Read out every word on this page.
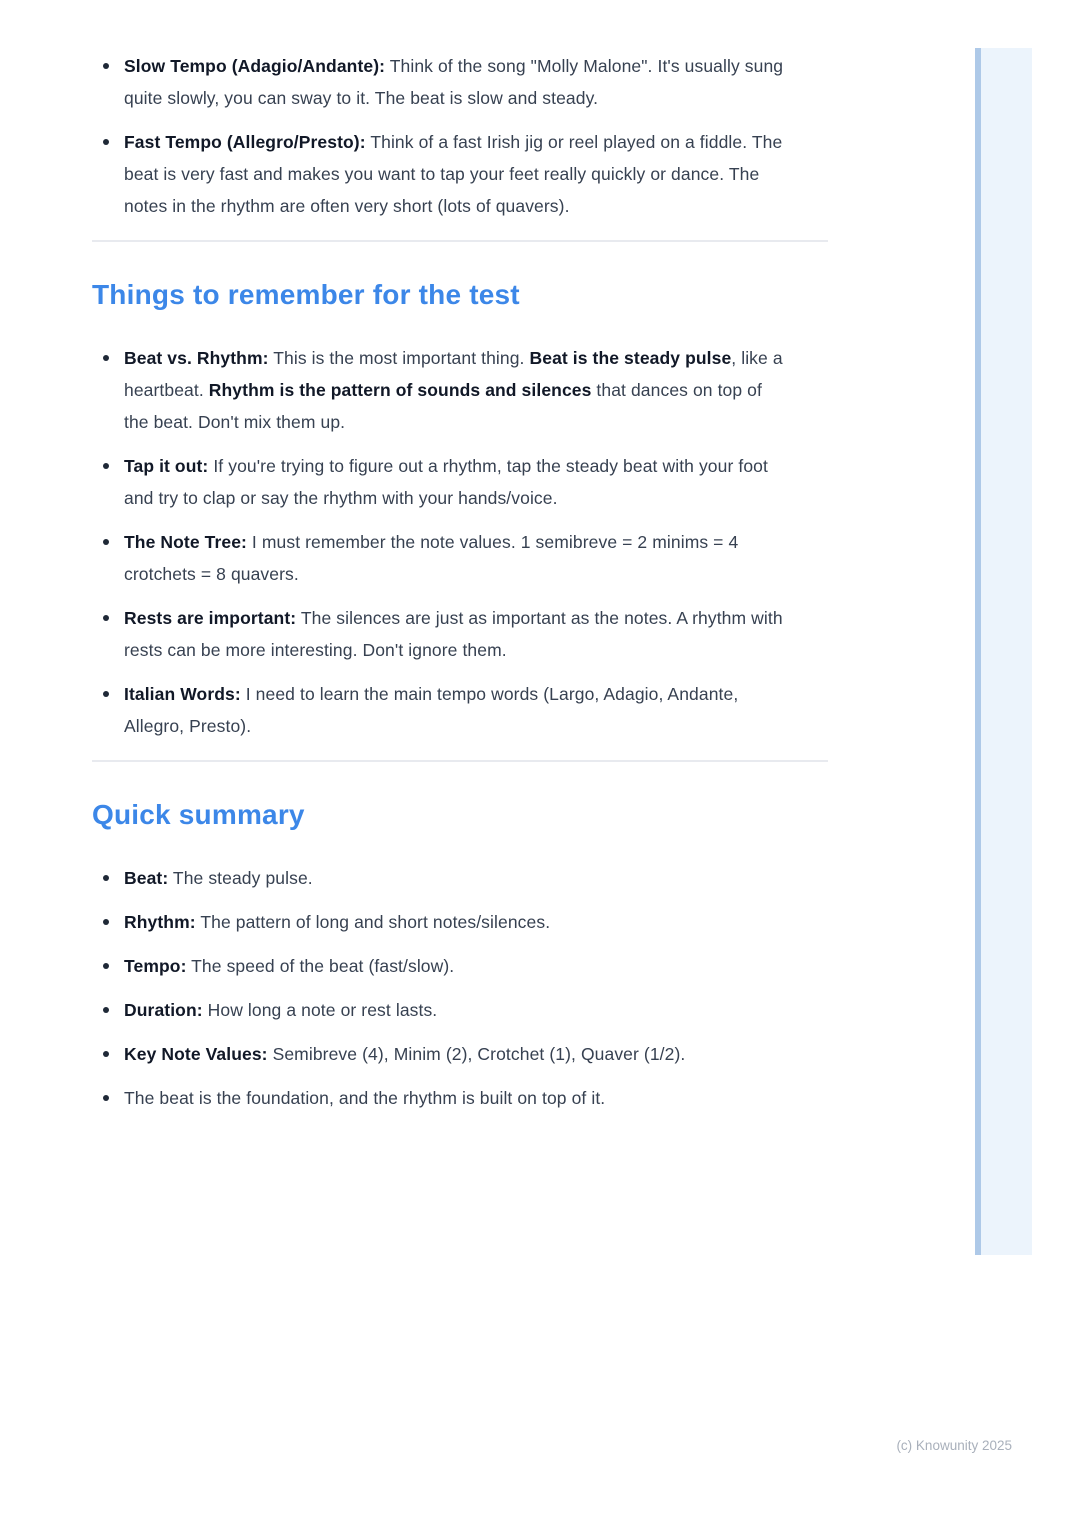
Slow Tempo (Adagio/Andante): Think of the song "Molly Malone". It's usually sung quite slowly, you can sway to it. The beat is slow and steady.
Fast Tempo (Allegro/Presto): Think of a fast Irish jig or reel played on a fiddle. The beat is very fast and makes you want to tap your feet really quickly or dance. The notes in the rhythm are often very short (lots of quavers).
Things to remember for the test
Beat vs. Rhythm: This is the most important thing. Beat is the steady pulse, like a heartbeat. Rhythm is the pattern of sounds and silences that dances on top of the beat. Don't mix them up.
Tap it out: If you're trying to figure out a rhythm, tap the steady beat with your foot and try to clap or say the rhythm with your hands/voice.
The Note Tree: I must remember the note values. 1 semibreve = 2 minims = 4 crotchets = 8 quavers.
Rests are important: The silences are just as important as the notes. A rhythm with rests can be more interesting. Don't ignore them.
Italian Words: I need to learn the main tempo words (Largo, Adagio, Andante, Allegro, Presto).
Quick summary
Beat: The steady pulse.
Rhythm: The pattern of long and short notes/silences.
Tempo: The speed of the beat (fast/slow).
Duration: How long a note or rest lasts.
Key Note Values: Semibreve (4), Minim (2), Crotchet (1), Quaver (1/2).
The beat is the foundation, and the rhythm is built on top of it.
(c) Knowunity 2025
